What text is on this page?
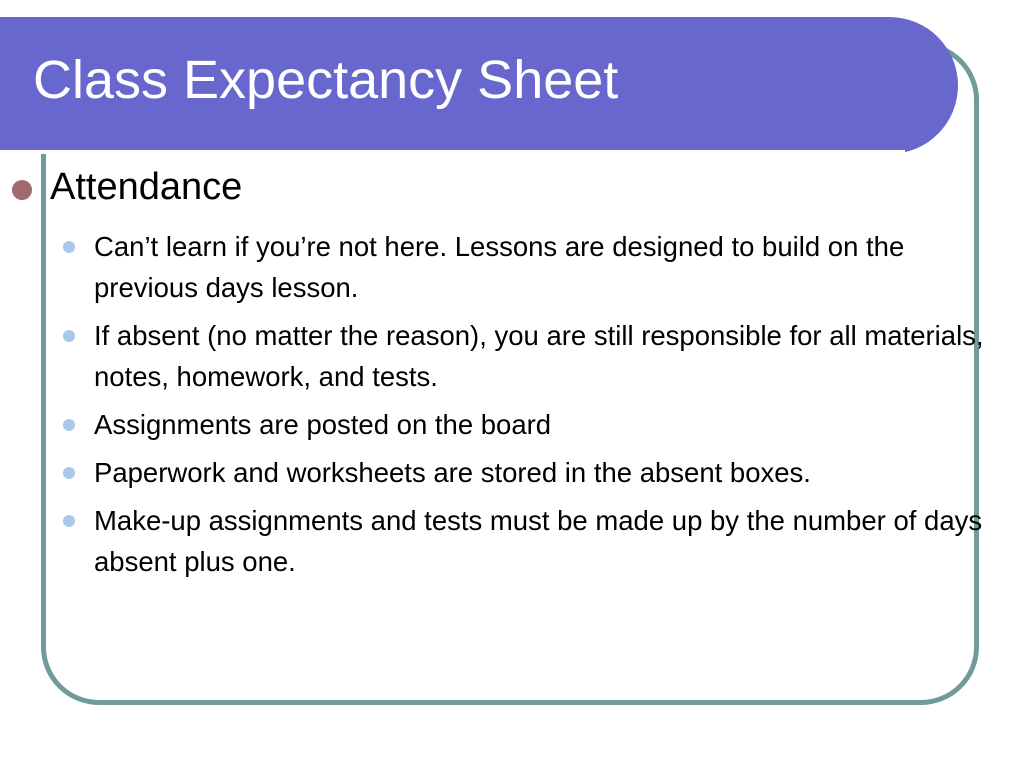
Class Expectancy Sheet
Attendance
Can’t learn if you’re not here. Lessons are designed to build on the previous days lesson.
If absent (no matter the reason), you are still responsible for all materials, notes, homework, and tests.
Assignments are posted on the board
Paperwork and worksheets are stored in the absent boxes.
Make-up assignments and tests must be made up by the number of days absent plus one.
